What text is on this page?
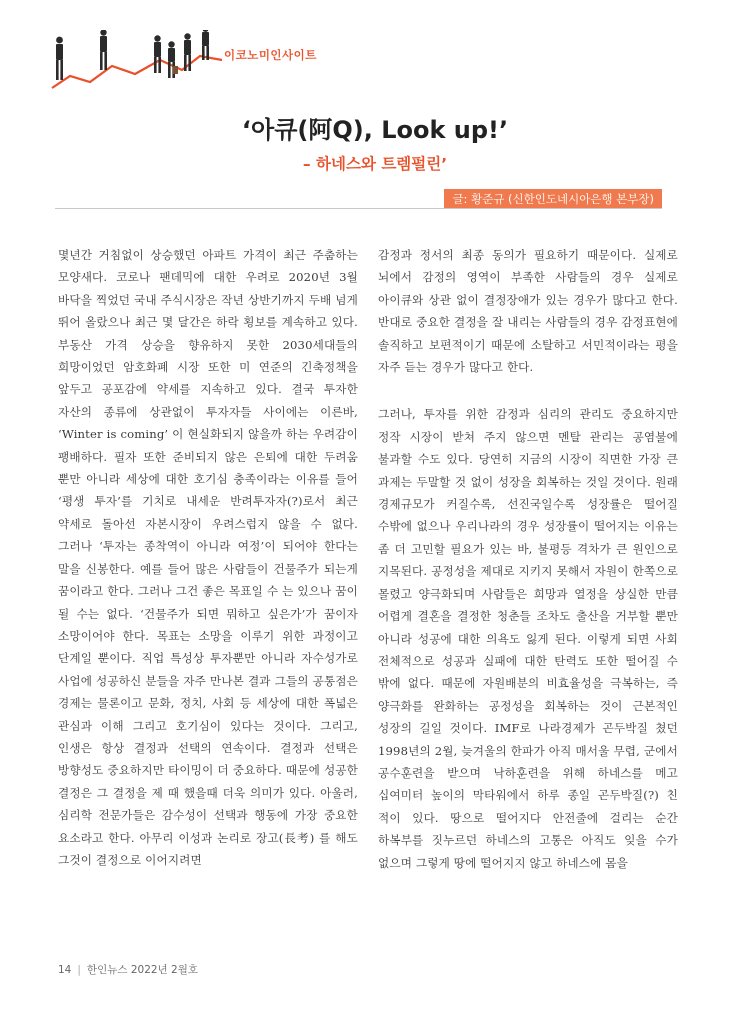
이코노미인사이트
‘아큐(阿Q), Look up!’
– 하네스와 트렘펄린’
글: 황준규 (신한인도네시아은행 본부장)

몇년간 거침없이 상승했던 아파트 가격이 최근 주춤하는 모양새다. 코로나 팬데믹에 대한 우려로 2020년 3월 바닥을 찍었던 국내 주식시장은 작년 상반기까지 두배 넘게 뛰어 올랐으나 최근 몇 달간은 하락 횡보를 계속하고 있다. 부동산 가격 상승을 향유하지 못한 2030세대들의 희망이었던 암호화폐 시장 또한 미 연준의 긴축정책을 앞두고 공포감에 약세를 지속하고 있다. 결국 투자한 자산의 종류에 상관없이 투자자들 사이에는 이른바, ‘Winter is coming’ 이 현실화되지 않을까 하는 우려감이 팽배하다. 필자 또한 준비되지 않은 은퇴에 대한 두려움 뿐만 아니라 세상에 대한 호기심 충족이라는 이유를 들어 ‘평생 투자’를 기치로 내세운 반려투자자(?)로서 최근 약세로 돌아선 자본시장이 우려스럽지 않을 수 없다. 그러나 ‘투자는 종착역이 아니라 여정’이 되어야 한다는 말을 신봉한다. 예를 들어 많은 사람들이 건물주가 되는게 꿈이라고 한다. 그러나 그건 좋은 목표일 수 는 있으나 꿈이 될 수는 없다. ‘건물주가 되면 뭐하고 싶은가’가 꿈이자 소망이어야 한다. 목표는 소망을 이루기 위한 과정이고 단계일 뿐이다. 직업 특성상 투자뿐만 아니라 자수성가로 사업에 성공하신 분들을 자주 만나본 결과 그들의 공통점은 경제는 물론이고 문화, 정치, 사회 등 세상에 대한 폭넓은 관심과 이해 그리고 호기심이 있다는 것이다. 그리고, 인생은 항상 결정과 선택의 연속이다. 결정과 선택은 방향성도 중요하지만 타이밍이 더 중요하다. 때문에 성공한 결정은 그 결정을 제 때 했을때 더욱 의미가 있다. 아울러, 심리학 전문가들은 감수성이 선택과 행동에 가장 중요한 요소라고 한다. 아무리 이성과 논리로 장고(長考) 를 해도 그것이 결정으로 이어지려면

감정과 정서의 최종 동의가 필요하기 때문이다. 실제로 뇌에서 감정의 영역이 부족한 사람들의 경우 실제로 아이큐와 상관 없이 결정장애가 있는 경우가 많다고 한다. 반대로 중요한 결정을 잘 내리는 사람들의 경우 감정표현에 솔직하고 보편적이기 때문에 소탈하고 서민적이라는 평을 자주 듣는 경우가 많다고 한다.

그러나, 투자를 위한 감정과 심리의 관리도 중요하지만 정작 시장이 받쳐 주지 않으면 멘탈 관리는 공염불에 불과할 수도 있다. 당연히 지금의 시장이 직면한 가장 큰 과제는 두말할 것 없이 성장을 회복하는 것일 것이다. 원래 경제규모가 커질수록, 선진국일수록 성장률은 떨어질 수밖에 없으나 우리나라의 경우 성장률이 떨어지는 이유는 좀 더 고민할 필요가 있는 바, 불평등 격차가 큰 원인으로 지목된다. 공정성을 제대로 지키지 못해서 자원이 한쪽으로 몰렸고 양극화되며 사람들은 희망과 열정을 상실한 만큼 어렵게 결혼을 결정한 청춘들 조차도 출산을 거부할 뿐만 아니라 성공에 대한 의욕도 잃게 된다. 이렇게 되면 사회 전체적으로 성공과 실패에 대한 탄력도 또한 떨어질 수 밖에 없다. 때문에 자원배분의 비효율성을 극복하는, 즉 양극화를 완화하는 공정성을 회복하는 것이 근본적인 성장의 길일 것이다. IMF로 나라경제가 곤두박질 쳤던 1998년의 2월, 늦겨울의 한파가 아직 매서울 무렵, 군에서 공수훈련을 받으며 낙하훈련을 위해 하네스를 메고 십여미터 높이의 막타워에서 하루 종일 곤두박질(?) 친 적이 있다. 땅으로 떨어지다 안전줄에 걸리는 순간 하복부를 짓누르던 하네스의 고통은 아직도 잊을 수가 없으며 그렇게 땅에 떨어지지 않고 하네스에 몸을

14 | 한인뉴스 2022년 2월호
